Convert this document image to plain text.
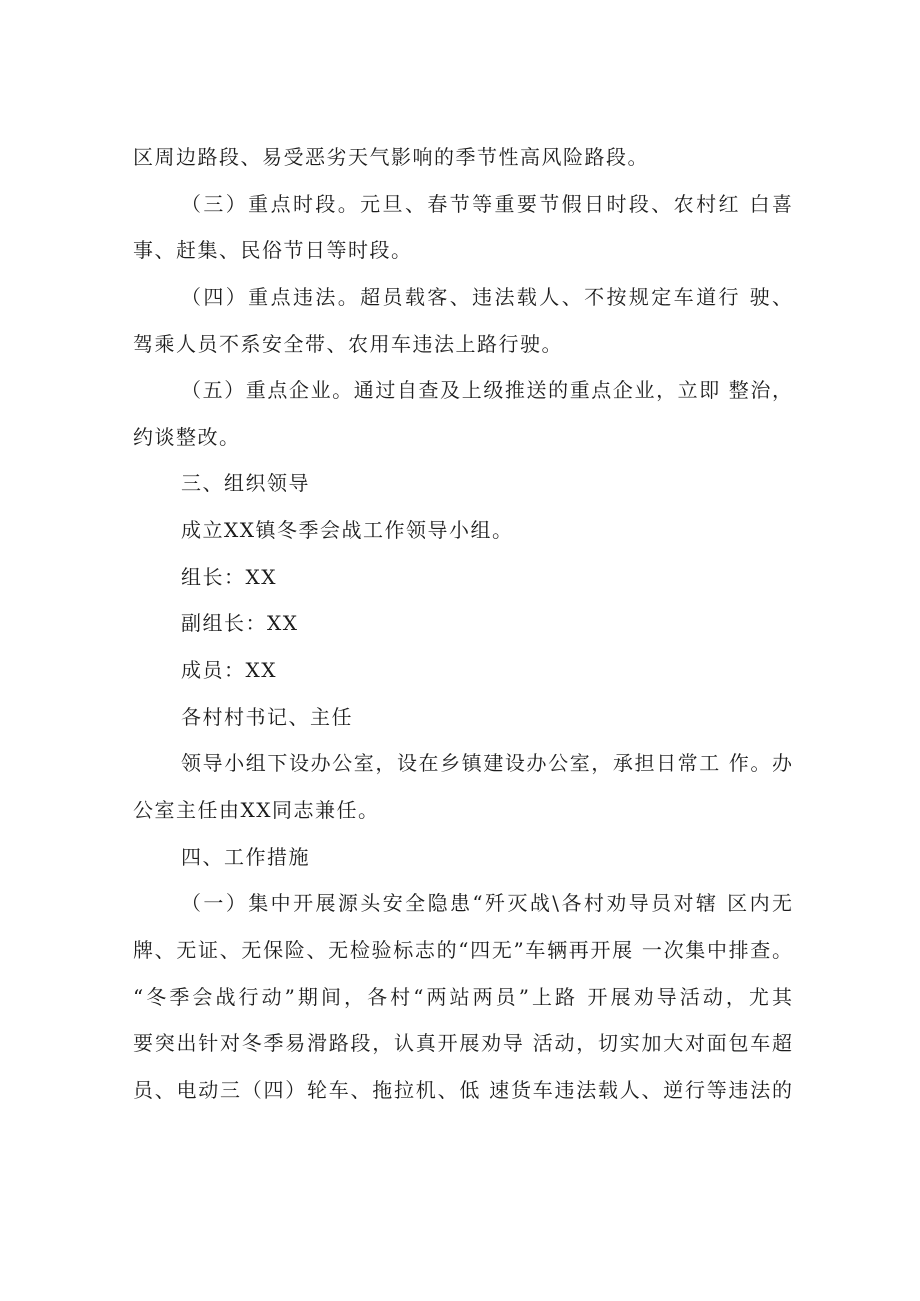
区周边路段、易受恶劣天气影响的季节性高风险路段。
（三）重点时段。元旦、春节等重要节假日时段、农村红 白喜
事、赶集、民俗节日等时段。
（四）重点违法。超员载客、违法载人、不按规定车道行 驶、
驾乘人员不系安全带、农用车违法上路行驶。
（五）重点企业。通过自查及上级推送的重点企业，立即 整治，
约谈整改。
三、组织领导
成立XX镇冬季会战工作领导小组。
组长：XX
副组长：XX
成员：XX
各村村书记、主任
领导小组下设办公室，设在乡镇建设办公室，承担日常工 作。办
公室主任由XX同志兼任。
四、工作措施
（一）集中开展源头安全隐患“歼灭战\各村劝导员对辖 区内无
牌、无证、无保险、无检验标志的“四无”车辆再开展 一次集中排查。
“冬季会战行动”期间，各村“两站两员”上路 开展劝导活动，尤其
要突出针对冬季易滑路段，认真开展劝导 活动，切实加大对面包车超
员、电动三（四）轮车、拖拉机、低 速货车违法载人、逆行等违法的
